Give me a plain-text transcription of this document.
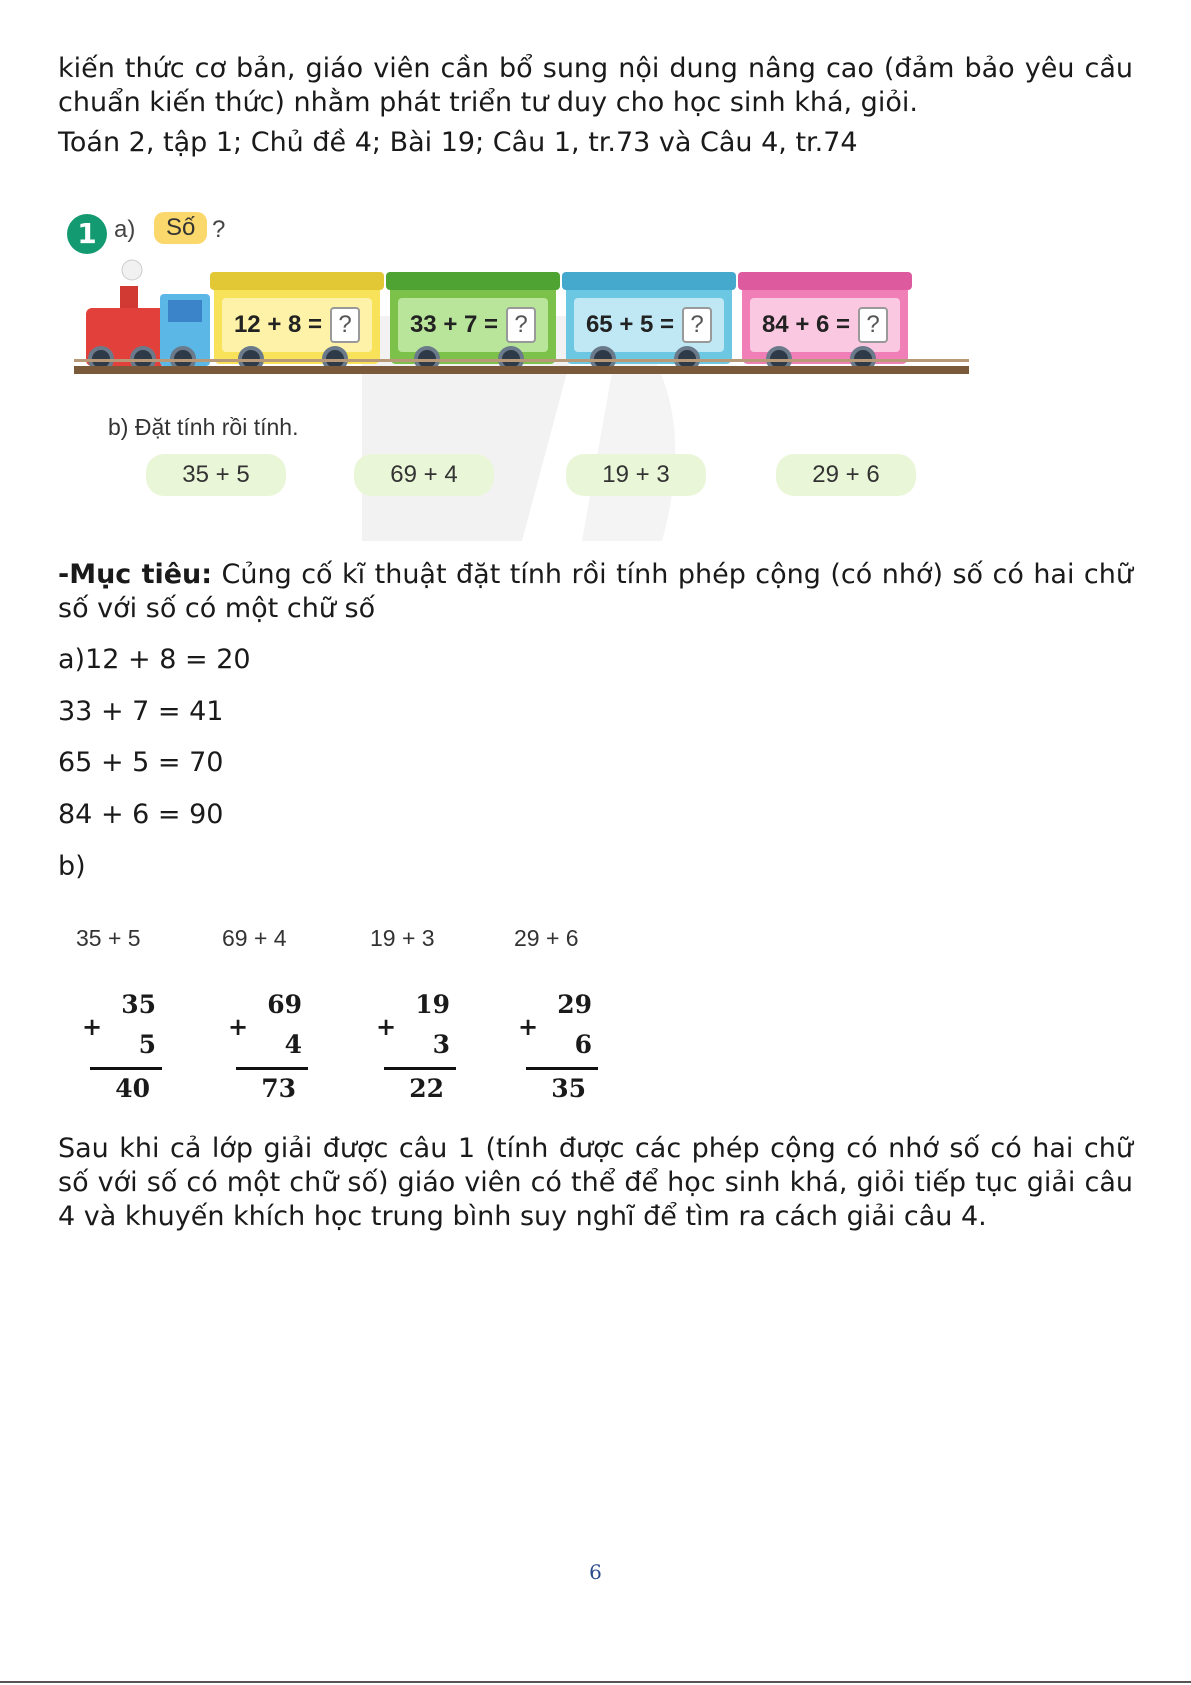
kiến thức cơ bản, giáo viên cần bổ sung nội dung nâng cao (đảm bảo yêu cầu chuẩn kiến thức) nhằm phát triển tư duy cho học sinh khá, giỏi.

Toán 2, tập 1; Chủ đề 4; Bài 19; Câu 1, tr.73 và Câu 4, tr.74

1 a)	Số ?
12 + 8 = ?	33 + 7 = ?	65 + 5 = ?	84 + 6 = ?
b) Đặt tính rồi tính.
35 + 5	69 + 4	19 + 3	29 + 6

-Mục tiêu: Củng cố kĩ thuật đặt tính rồi tính phép cộng (có nhớ) số có hai chữ số với số có một chữ số

a)12 + 8 = 20

33 + 7 = 41

65 + 5 = 70

84 + 6 = 90

b)

35 + 5	69 + 4	19 + 3	29 + 6
35
+
5
40
69
+
4
73
19
+
3
22
29
+
6
35

Sau khi cả lớp giải được câu 1 (tính được các phép cộng có nhớ số có hai chữ số với số có một chữ số) giáo viên có thể để học sinh khá, giỏi tiếp tục giải câu 4 và khuyến khích học trung bình suy nghĩ để tìm ra cách giải câu 4.

6
